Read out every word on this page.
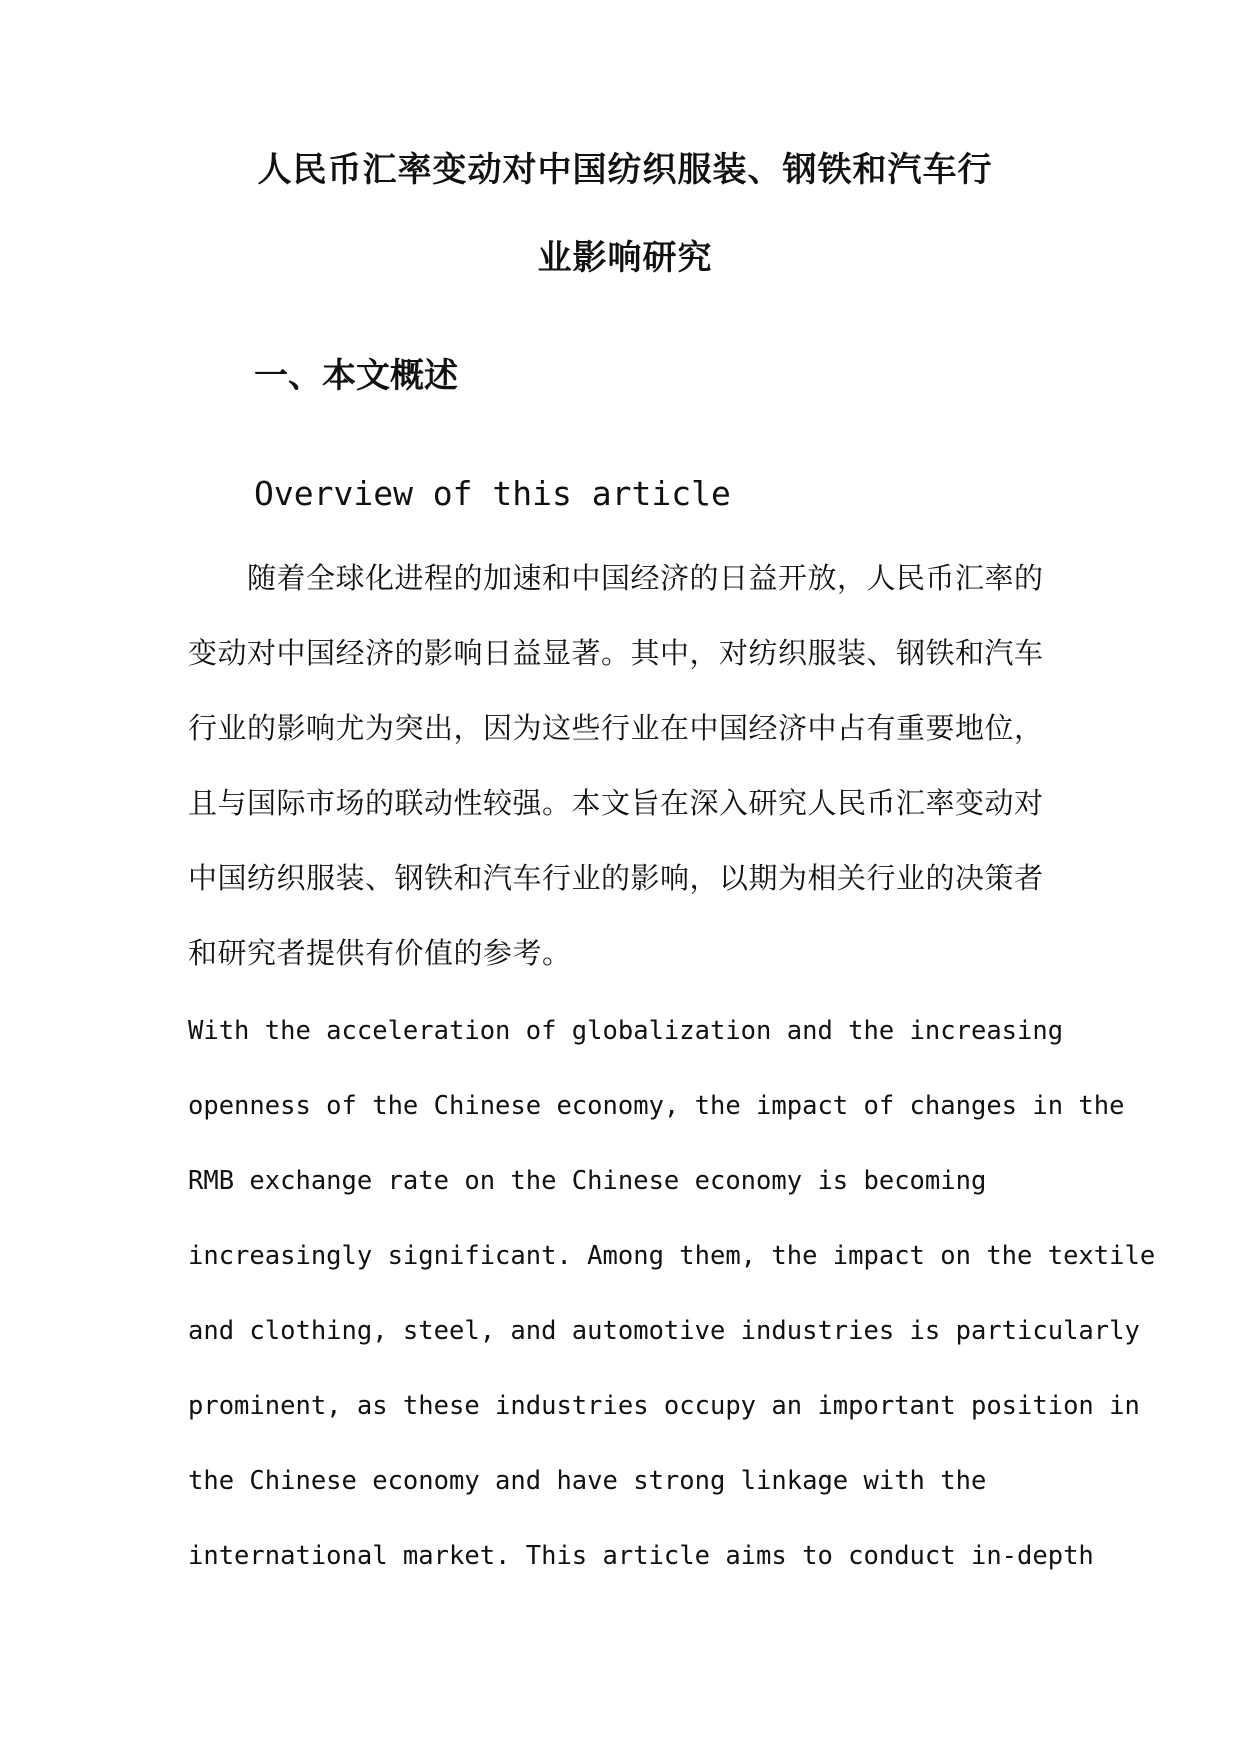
人民币汇率变动对中国纺织服装、钢铁和汽车行
业影响研究
一、本文概述
Overview of this article
　　随着全球化进程的加速和中国经济的日益开放，人民币汇率的
变动对中国经济的影响日益显著。其中，对纺织服装、钢铁和汽车
行业的影响尤为突出，因为这些行业在中国经济中占有重要地位，
且与国际市场的联动性较强。本文旨在深入研究人民币汇率变动对
中国纺织服装、钢铁和汽车行业的影响，以期为相关行业的决策者
和研究者提供有价值的参考。
With the acceleration of globalization and the increasing
openness of the Chinese economy, the impact of changes in the
RMB exchange rate on the Chinese economy is becoming
increasingly significant. Among them, the impact on the textile
and clothing, steel, and automotive industries is particularly
prominent, as these industries occupy an important position in
the Chinese economy and have strong linkage with the
international market. This article aims to conduct in-depth
